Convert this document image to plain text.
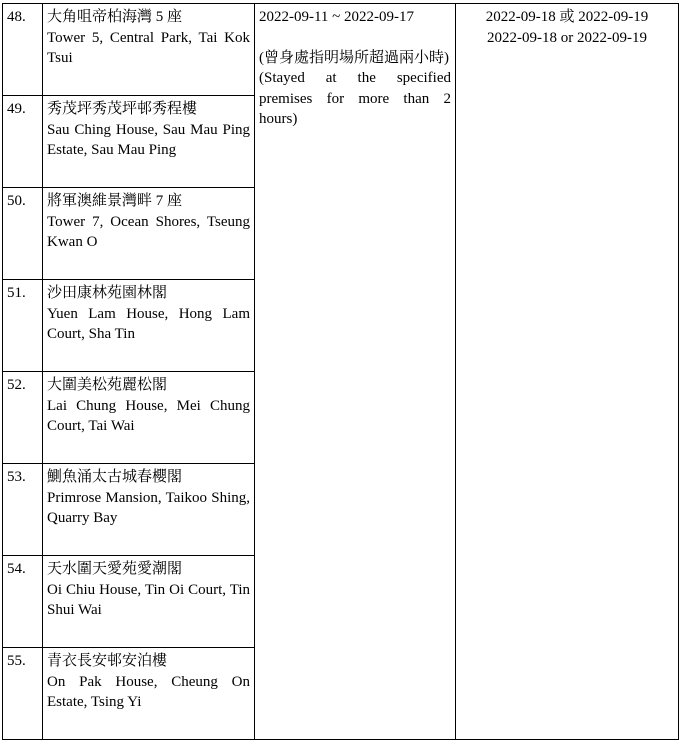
48.	大角咀帝柏海灣 5 座
Tower 5, Central Park, Tai Kok Tsui	2022-09-11 ~ 2022-09-17
(曾身處指明場所超過兩小時)
(Stayed at the specified premises for more than 2 hours)	2022-09-18 或 2022-09-19
2022-09-18 or 2022-09-19

49.	秀茂坪秀茂坪邨秀程樓
Sau Ching House, Sau Mau Ping Estate, Sau Mau Ping		

50.	將軍澳維景灣畔 7 座
Tower 7, Ocean Shores, Tseung Kwan O		

51.	沙田康林苑園林閣
Yuen Lam House, Hong Lam Court, Sha Tin		

52.	大圍美松苑麗松閣
Lai Chung House, Mei Chung Court, Tai Wai		

53.	鰂魚涌太古城春櫻閣
Primrose Mansion, Taikoo Shing, Quarry Bay		

54.	天水圍天愛苑愛潮閣
Oi Chiu House, Tin Oi Court, Tin Shui Wai		

55.	青衣長安邨安泊樓
On Pak House, Cheung On Estate, Tsing Yi		
